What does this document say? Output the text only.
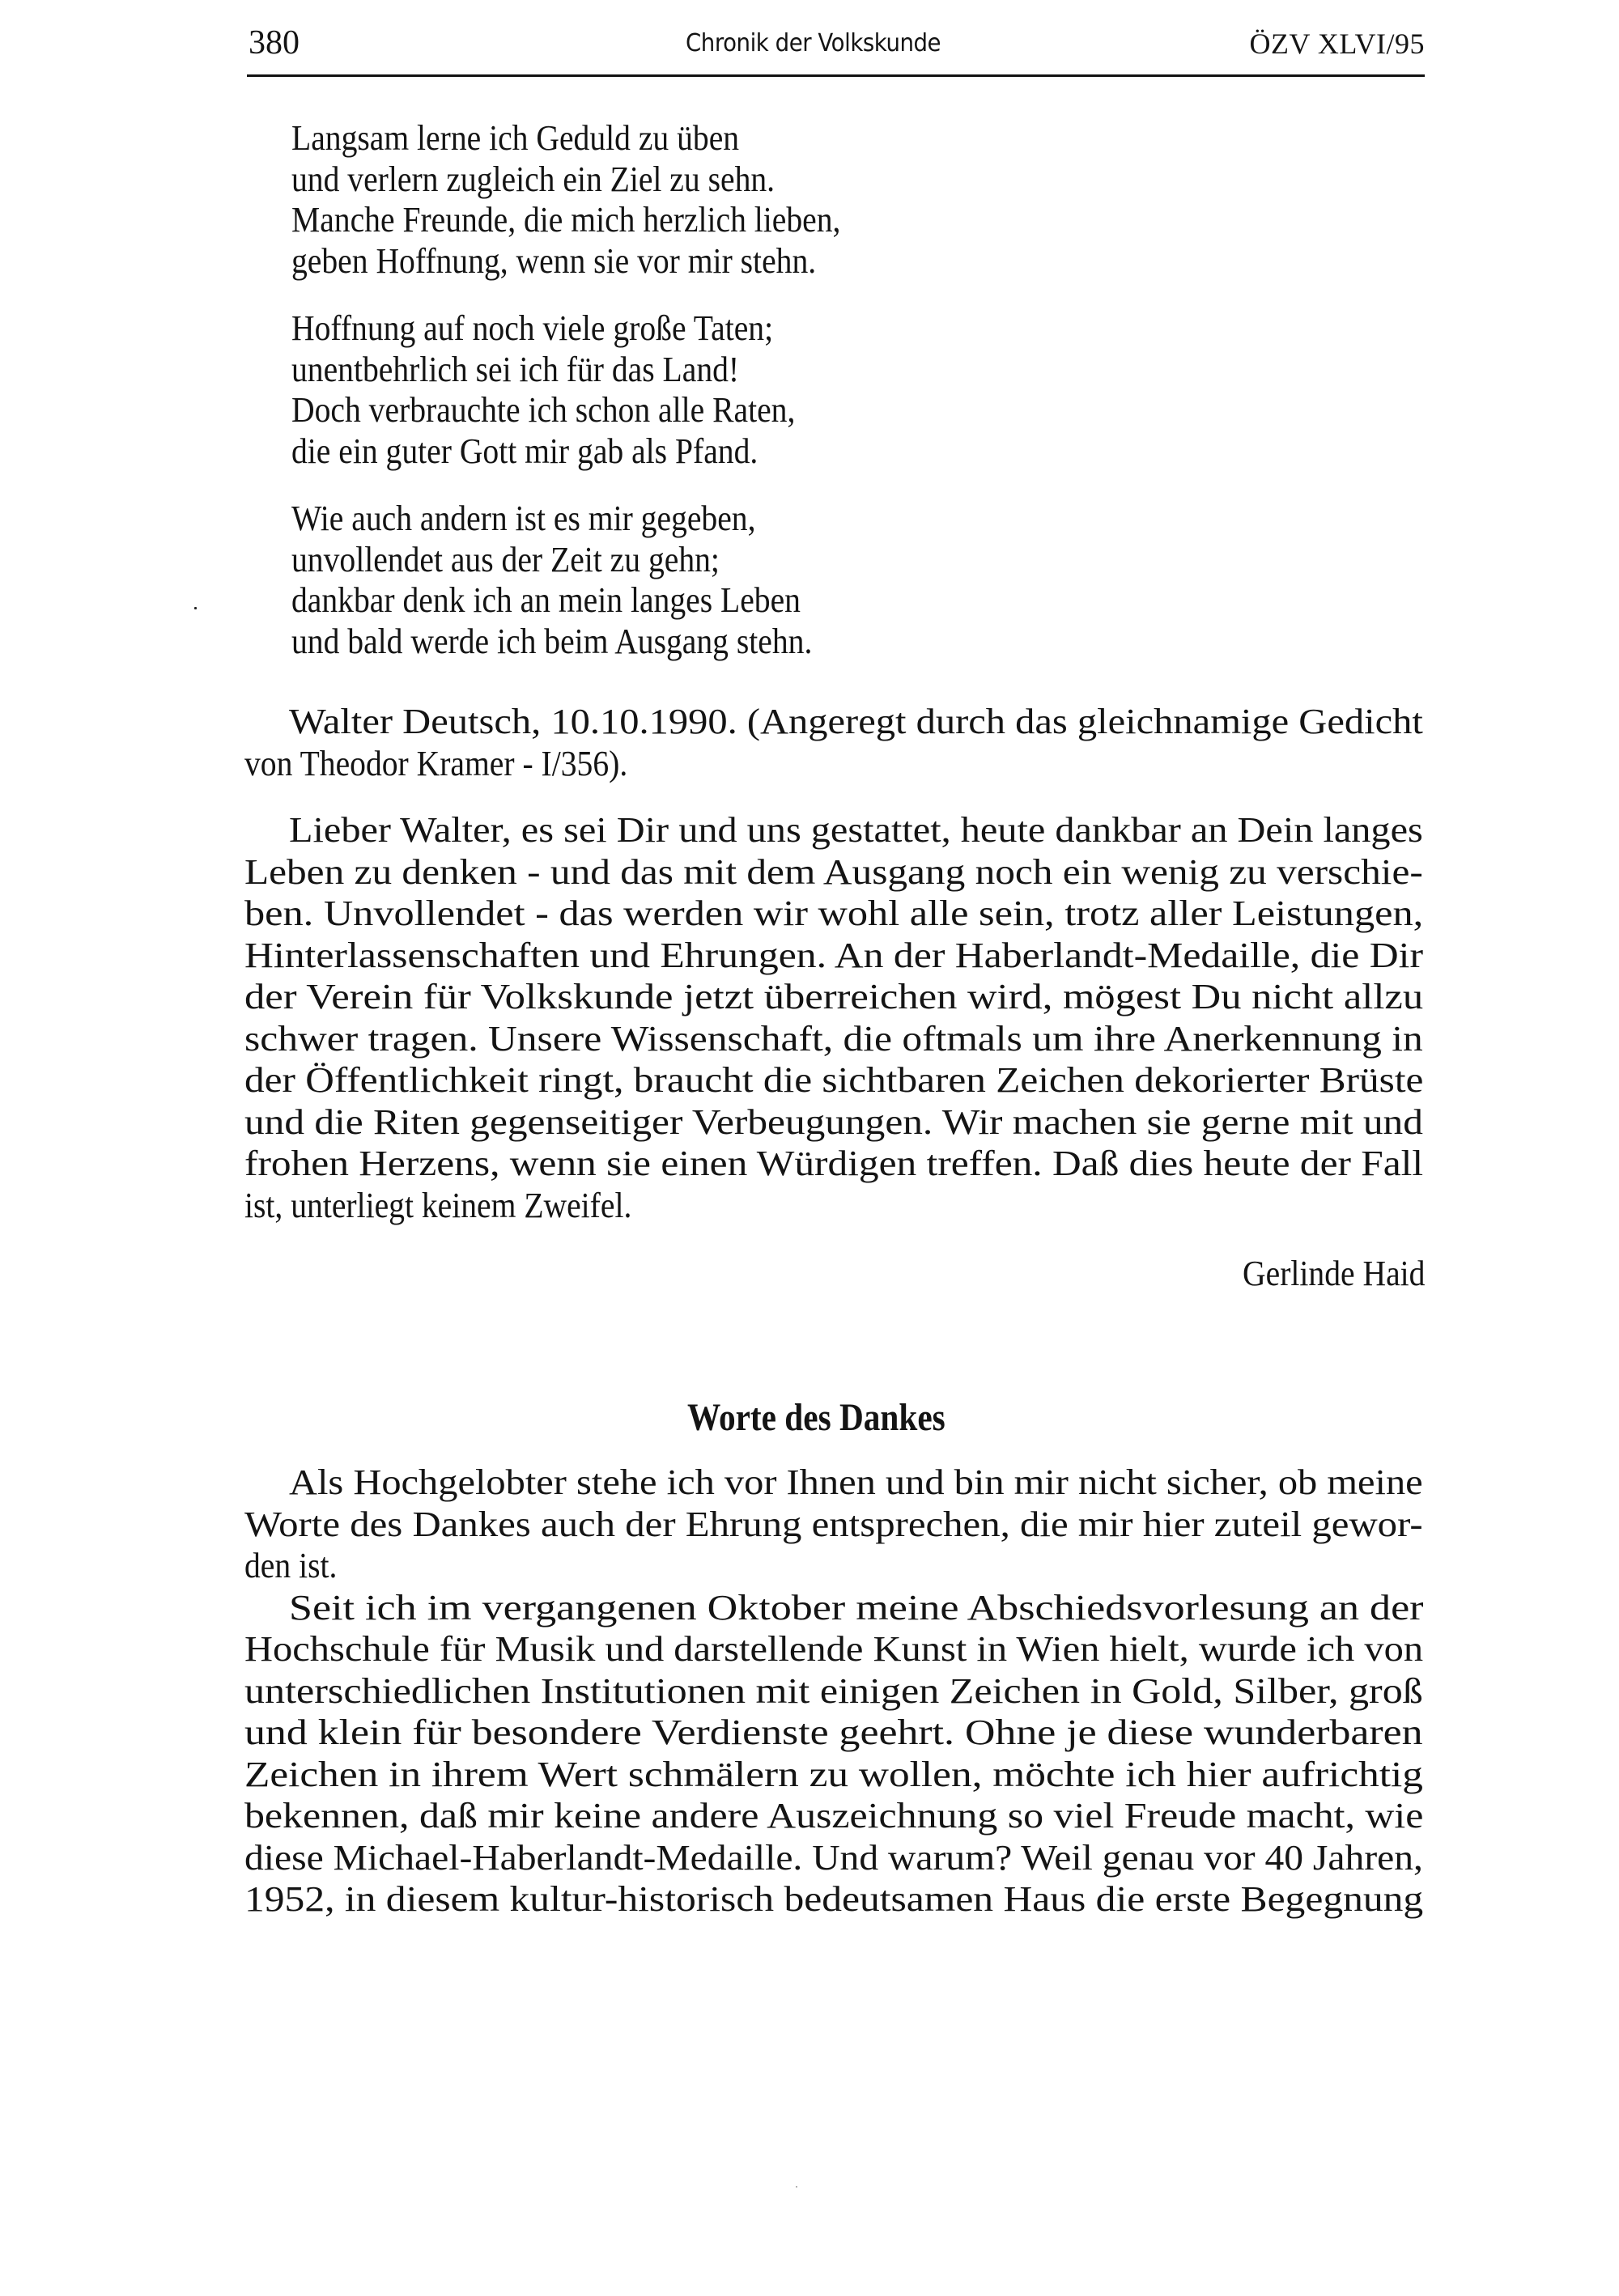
380	Chronik der Volkskunde	ÖZV XLVI/95
Langsam lerne ich Geduld zu üben
und verlern zugleich ein Ziel zu sehn.
Manche Freunde, die mich herzlich lieben,
geben Hoffnung, wenn sie vor mir stehn.
Hoffnung auf noch viele große Taten;
unentbehrlich sei ich für das Land!
Doch verbrauchte ich schon alle Raten,
die ein guter Gott mir gab als Pfand.
Wie auch andern ist es mir gegeben,
unvollendet aus der Zeit zu gehn;
dankbar denk ich an mein langes Leben
und bald werde ich beim Ausgang stehn.
Walter Deutsch, 10.10.1990. (Angeregt durch das gleichnamige Gedicht
von Theodor Kramer - I/356).
Lieber Walter, es sei Dir und uns gestattet, heute dankbar an Dein langes
Leben zu denken - und das mit dem Ausgang noch ein wenig zu verschie-
ben. Unvollendet - das werden wir wohl alle sein, trotz aller Leistungen,
Hinterlassenschaften und Ehrungen. An der Haberlandt-Medaille, die Dir
der Verein für Volkskunde jetzt überreichen wird, mögest Du nicht allzu
schwer tragen. Unsere Wissenschaft, die oftmals um ihre Anerkennung in
der Öffentlichkeit ringt, braucht die sichtbaren Zeichen dekorierter Brüste
und die Riten gegenseitiger Verbeugungen. Wir machen sie gerne mit und
frohen Herzens, wenn sie einen Würdigen treffen. Daß dies heute der Fall
ist, unterliegt keinem Zweifel.
Gerlinde Haid
Worte des Dankes
Als Hochgelobter stehe ich vor Ihnen und bin mir nicht sicher, ob meine
Worte des Dankes auch der Ehrung entsprechen, die mir hier zuteil gewor-
den ist.
Seit ich im vergangenen Oktober meine Abschiedsvorlesung an der
Hochschule für Musik und darstellende Kunst in Wien hielt, wurde ich von
unterschiedlichen Institutionen mit einigen Zeichen in Gold, Silber, groß
und klein für besondere Verdienste geehrt. Ohne je diese wunderbaren
Zeichen in ihrem Wert schmälern zu wollen, möchte ich hier aufrichtig
bekennen, daß mir keine andere Auszeichnung so viel Freude macht, wie
diese Michael-Haberlandt-Medaille. Und warum? Weil genau vor 40 Jahren,
1952, in diesem kultur-historisch bedeutsamen Haus die erste Begegnung
